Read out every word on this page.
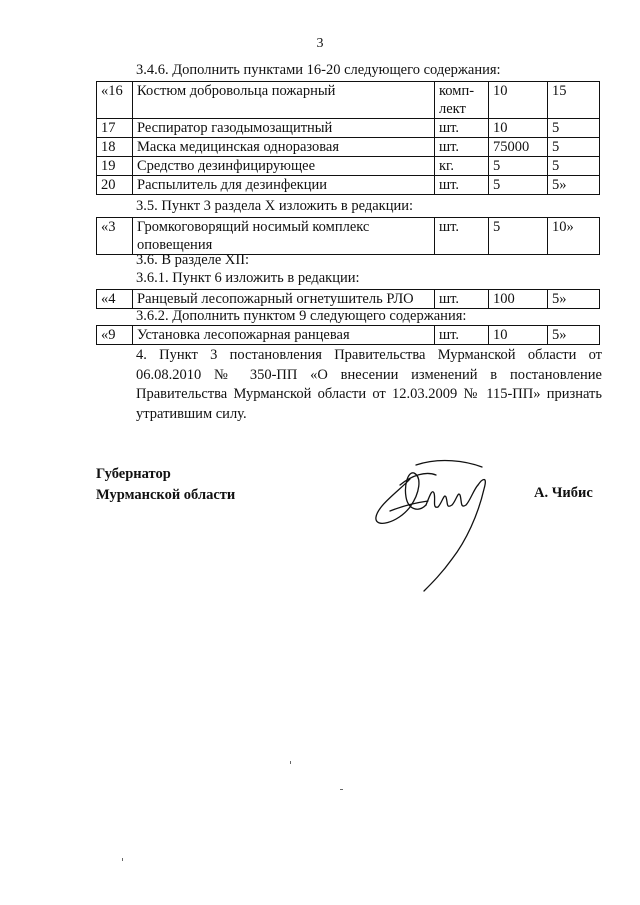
3
3.4.6. Дополнить пунктами 16-20 следующего содержания:
«16	Костюм добровольца пожарный	комп-лект	10	15
17	Респиратор газодымозащитный	шт.	10	5
18	Маска медицинская одноразовая	шт.	75000	5
19	Средство дезинфицирующее	кг.	5	5
20	Распылитель для дезинфекции	шт.	5	5»
3.5. Пункт 3 раздела Х изложить в редакции:
«3	Громкоговорящий носимый комплекс оповещения	шт.	5	10»
3.6. В разделе XII:
3.6.1. Пункт 6 изложить в редакции:
«4	Ранцевый лесопожарный огнетушитель РЛО	шт.	100	5»
3.6.2. Дополнить пунктом 9 следующего содержания:
«9	Установка лесопожарная ранцевая	шт.	10	5»
4. Пункт 3 постановления Правительства Мурманской области от 06.08.2010 № 350-ПП «О внесении изменений в постановление Правительства Мурманской области от 12.03.2009 № 115-ПП» признать утратившим силу.
Губернатор
Мурманской области	А. Чибис
